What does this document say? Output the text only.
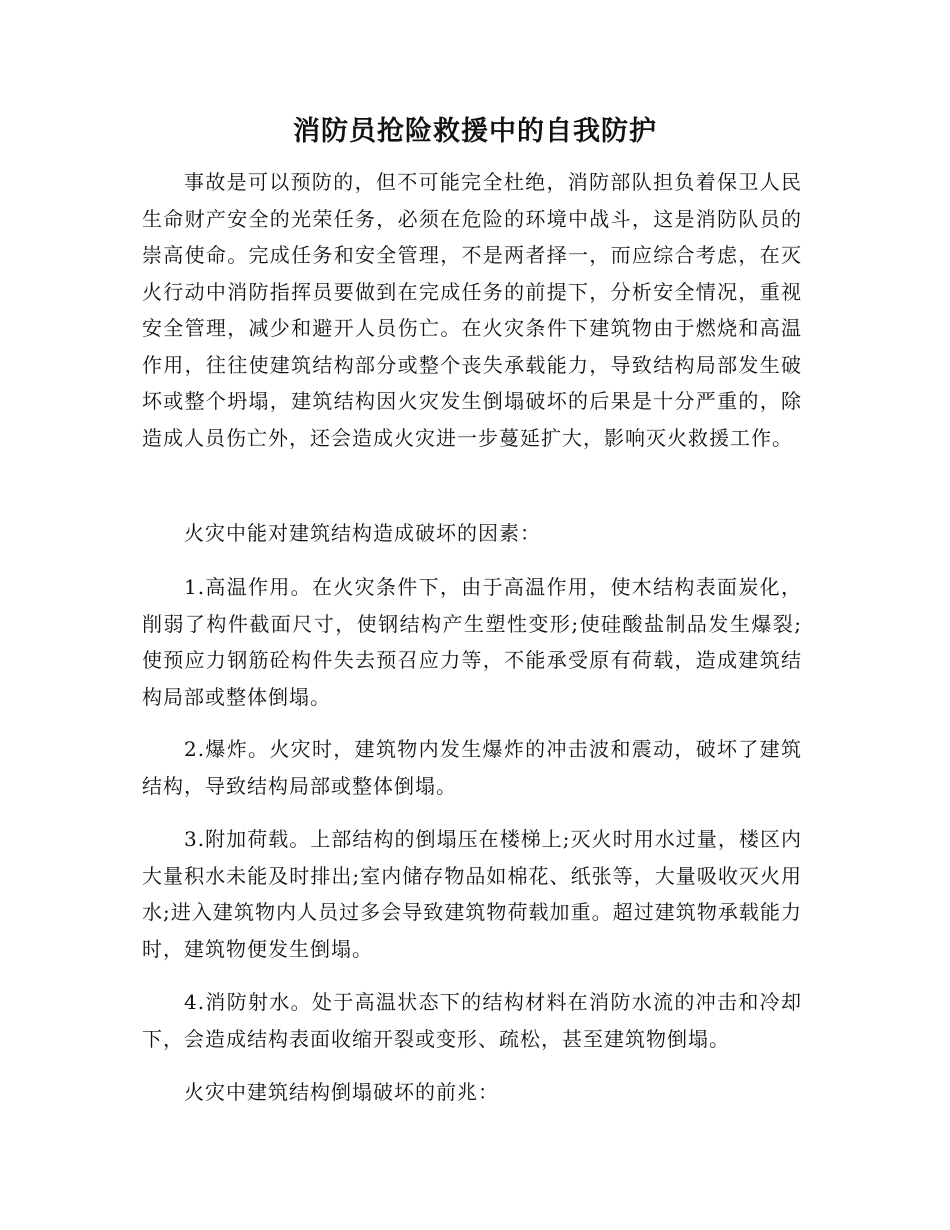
消防员抢险救援中的自我防护

事故是可以预防的，但不可能完全杜绝，消防部队担负着保卫人民生命财产安全的光荣任务，必须在危险的环境中战斗，这是消防队员的崇高使命。完成任务和安全管理，不是两者择一，而应综合考虑，在灭火行动中消防指挥员要做到在完成任务的前提下，分析安全情况，重视安全管理，减少和避开人员伤亡。在火灾条件下建筑物由于燃烧和高温作用，往往使建筑结构部分或整个丧失承载能力，导致结构局部发生破坏或整个坍塌，建筑结构因火灾发生倒塌破坏的后果是十分严重的，除造成人员伤亡外，还会造成火灾进一步蔓延扩大，影响灭火救援工作。

火灾中能对建筑结构造成破坏的因素：

1.高温作用。在火灾条件下，由于高温作用，使木结构表面炭化，削弱了构件截面尺寸，使钢结构产生塑性变形;使硅酸盐制品发生爆裂;使预应力钢筋砼构件失去预召应力等，不能承受原有荷载，造成建筑结构局部或整体倒塌。

2.爆炸。火灾时，建筑物内发生爆炸的冲击波和震动，破坏了建筑结构，导致结构局部或整体倒塌。

3.附加荷载。上部结构的倒塌压在楼梯上;灭火时用水过量，楼区内大量积水未能及时排出;室内储存物品如棉花、纸张等，大量吸收灭火用水;进入建筑物内人员过多会导致建筑物荷载加重。超过建筑物承载能力时，建筑物便发生倒塌。

4.消防射水。处于高温状态下的结构材料在消防水流的冲击和冷却下，会造成结构表面收缩开裂或变形、疏松，甚至建筑物倒塌。

火灾中建筑结构倒塌破坏的前兆：
